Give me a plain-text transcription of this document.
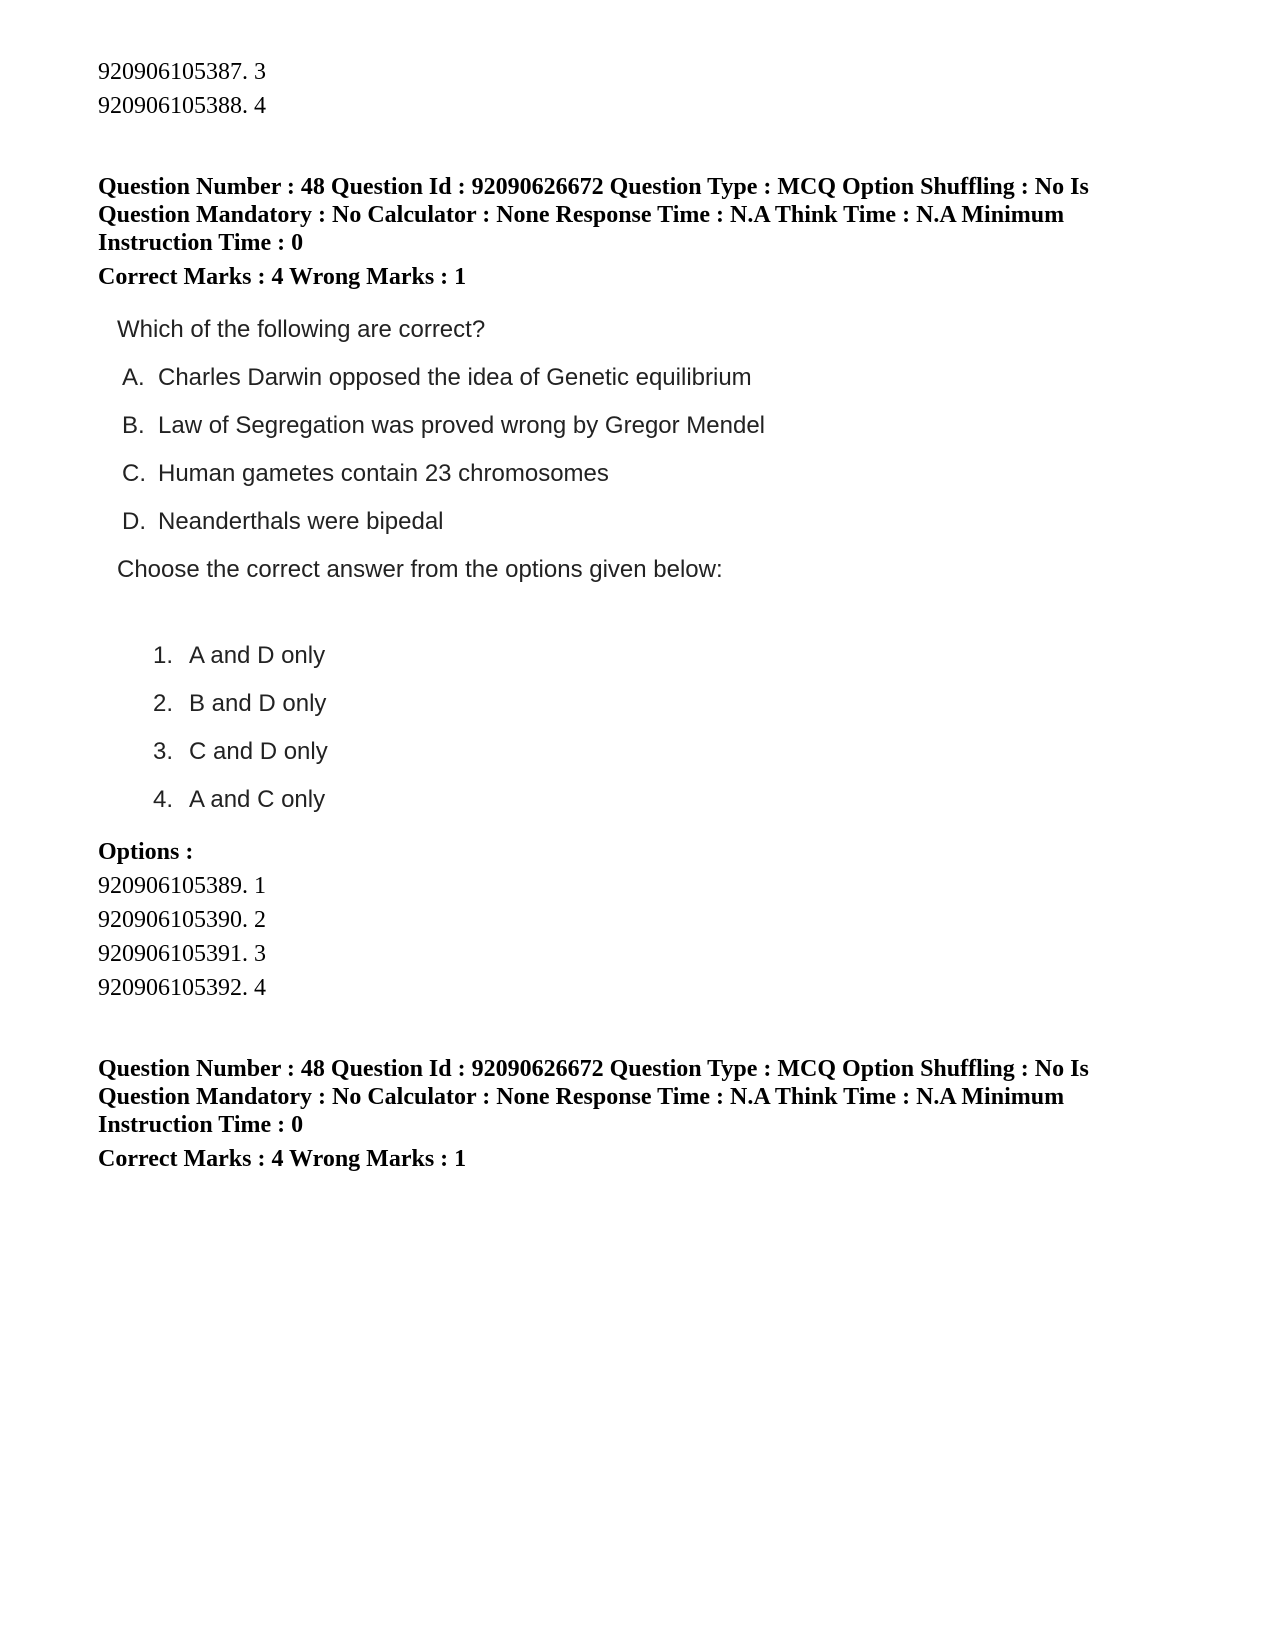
920906105387. 3
920906105388. 4
Question Number : 48 Question Id : 92090626672 Question Type : MCQ Option Shuffling : No Is
Question Mandatory : No Calculator : None Response Time : N.A Think Time : N.A Minimum
Instruction Time : 0
Correct Marks : 4 Wrong Marks : 1
Which of the following are correct?
A. Charles Darwin opposed the idea of Genetic equilibrium
B. Law of Segregation was proved wrong by Gregor Mendel
C. Human gametes contain 23 chromosomes
D. Neanderthals were bipedal
Choose the correct answer from the options given below:
1. A and D only
2. B and D only
3. C and D only
4. A and C only
Options :
920906105389. 1
920906105390. 2
920906105391. 3
920906105392. 4
Question Number : 48 Question Id : 92090626672 Question Type : MCQ Option Shuffling : No Is
Question Mandatory : No Calculator : None Response Time : N.A Think Time : N.A Minimum
Instruction Time : 0
Correct Marks : 4 Wrong Marks : 1
